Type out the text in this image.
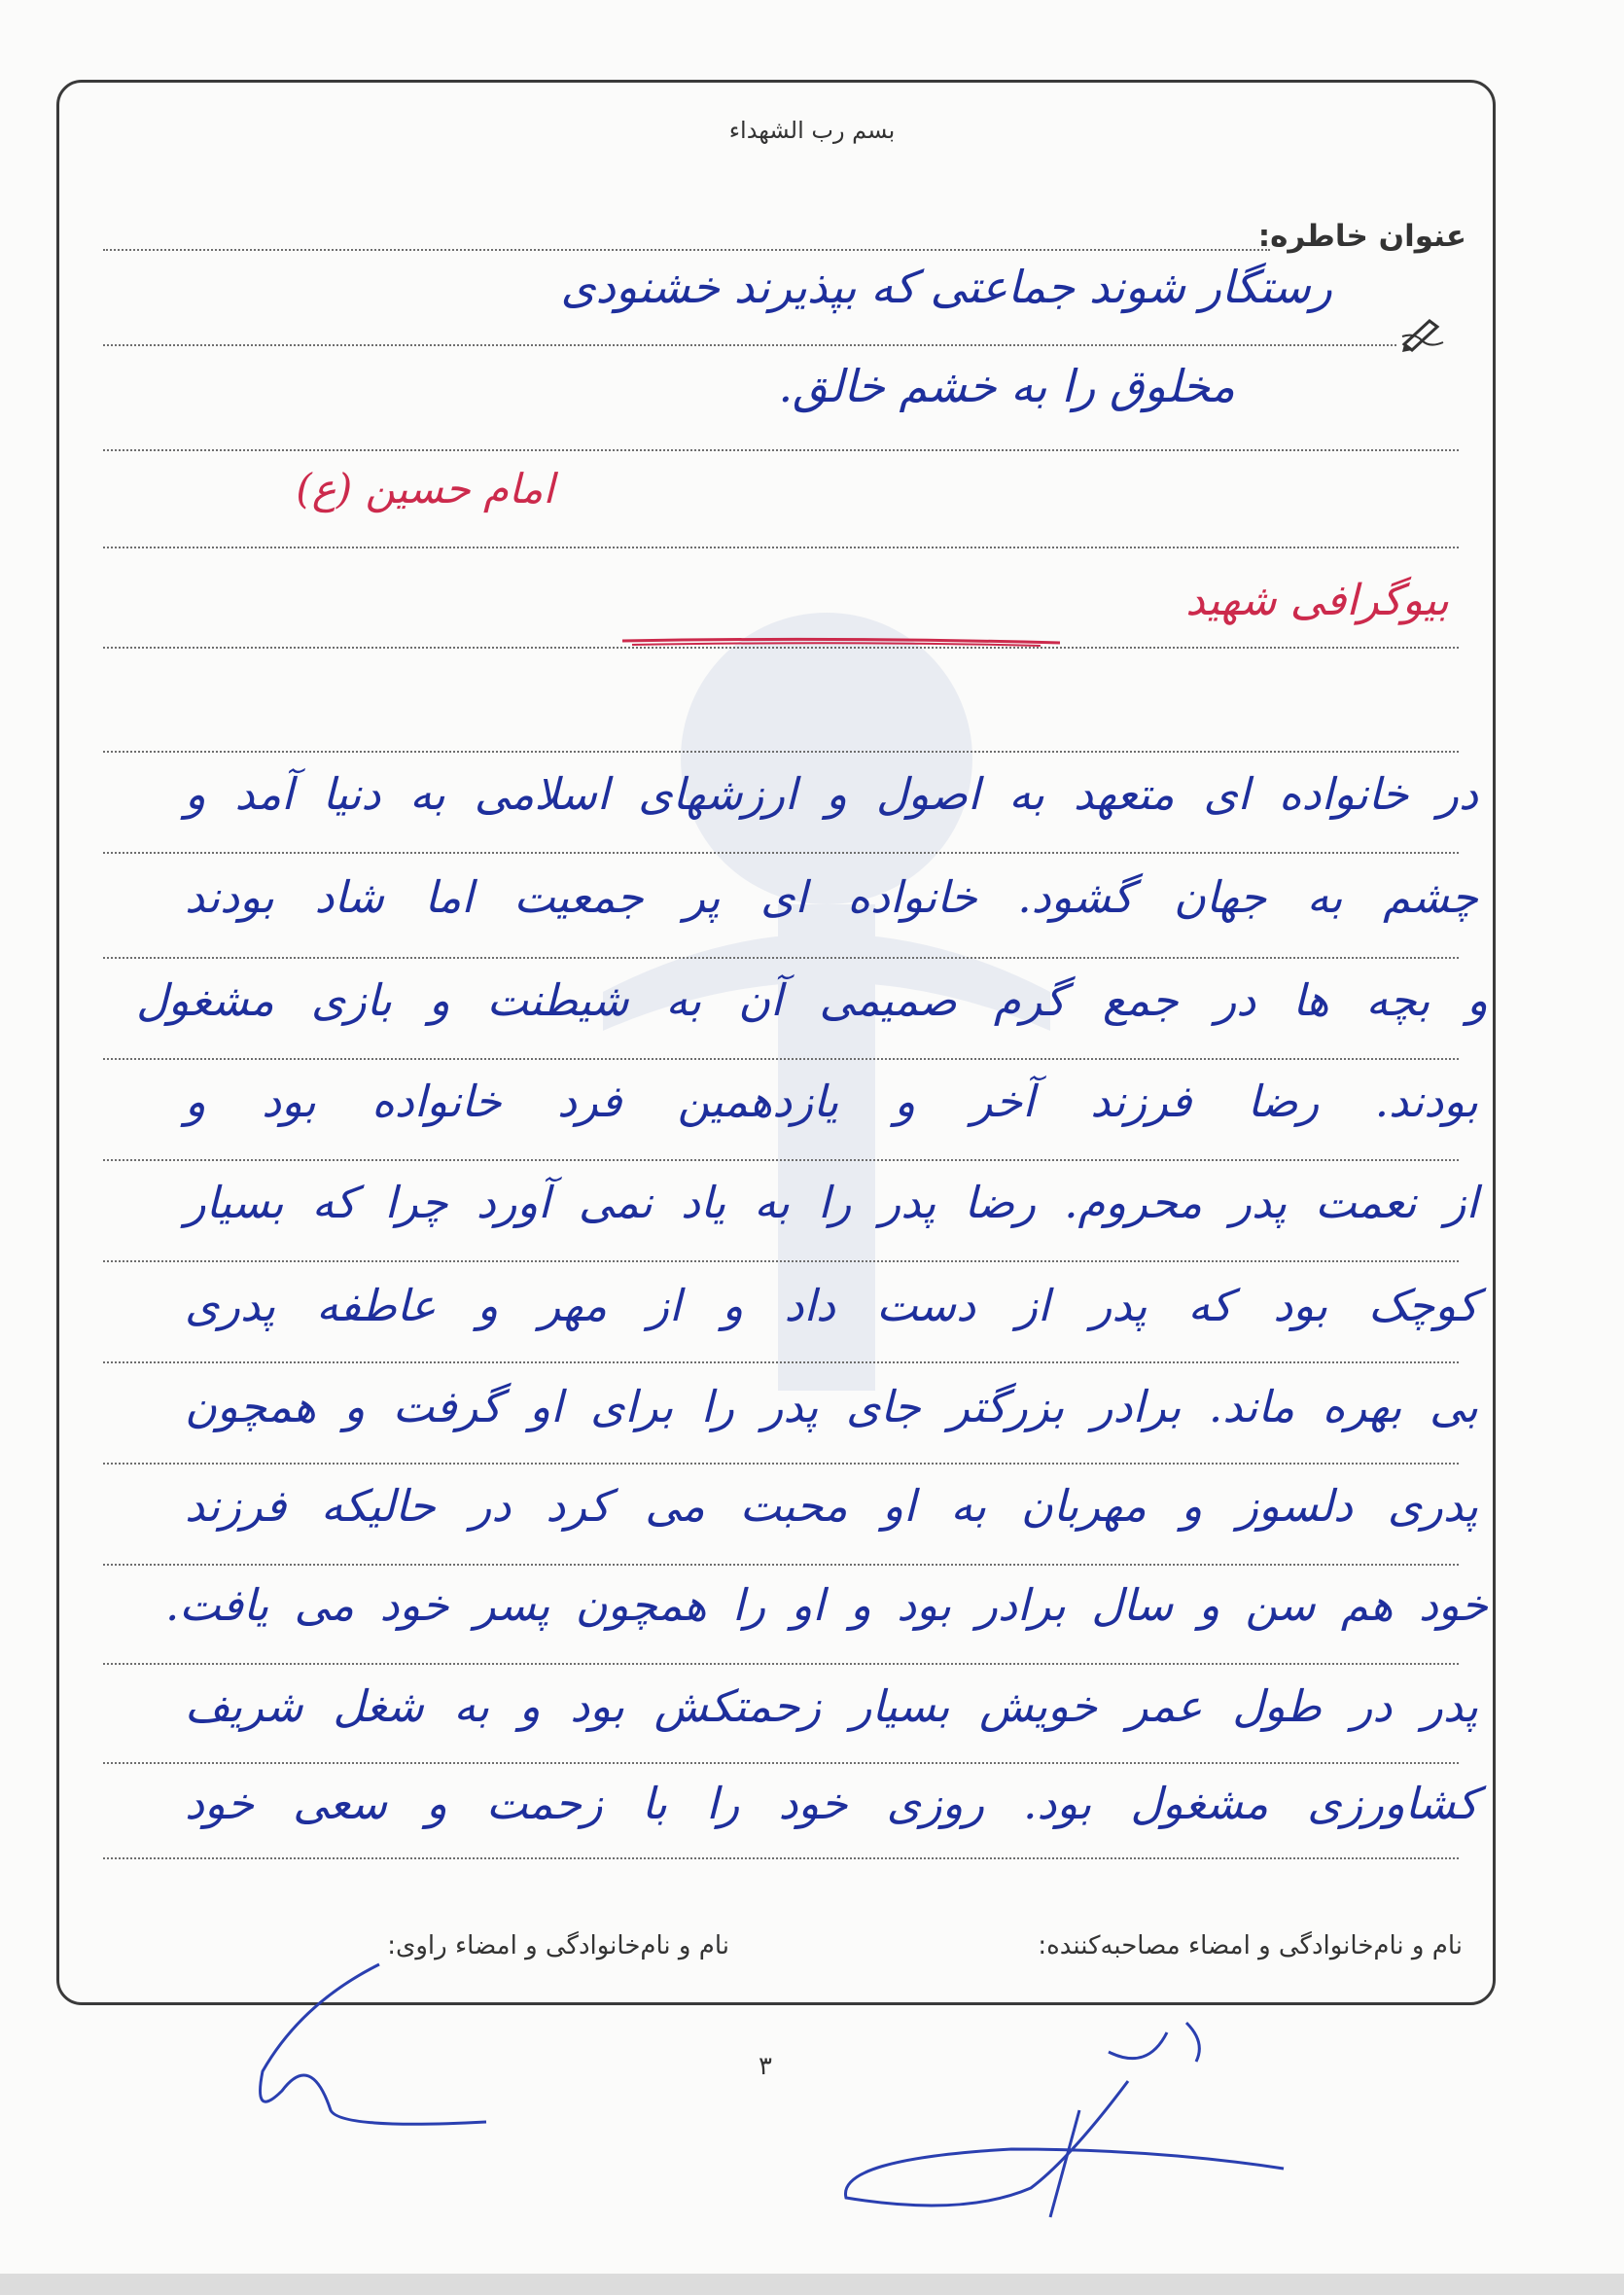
بسم رب الشهداء
عنوان خاطره:
رستگار شوند جماعتی که بپذیرند خشنودی
مخلوق را به خشم خالق.
امام حسین (ع)
بیوگرافی شهید
در خانواده ای متعهد به اصول و ارزشهای اسلامی به دنیا آمد و
چشم به جهان گشود. خانواده ای پر جمعیت اما شاد بودند
و بچه ها در جمع گرم صمیمی آن به شیطنت و بازی مشغول
بودند. رضا فرزند آخر و یازدهمین فرد خانواده بود و
از نعمت پدر محروم. رضا پدر را به یاد نمی آورد چرا که بسیار
کوچک بود که پدر از دست داد و از مهر و عاطفه پدری
بی بهره ماند. برادر بزرگتر جای پدر را برای او گرفت و همچون
پدری دلسوز و مهربان به او محبت می کرد در حالیکه فرزند
خود هم سن و سال برادر بود و او را همچون پسر خود می یافت.
پدر در طول عمر خویش بسیار زحمتکش بود و به شغل شریف
کشاورزی مشغول بود. روزی خود را با زحمت و سعی خود
نام و نام‌خانوادگی و امضاء مصاحبه‌کننده:
نام و نام‌خانوادگی و امضاء راوی:
۳
